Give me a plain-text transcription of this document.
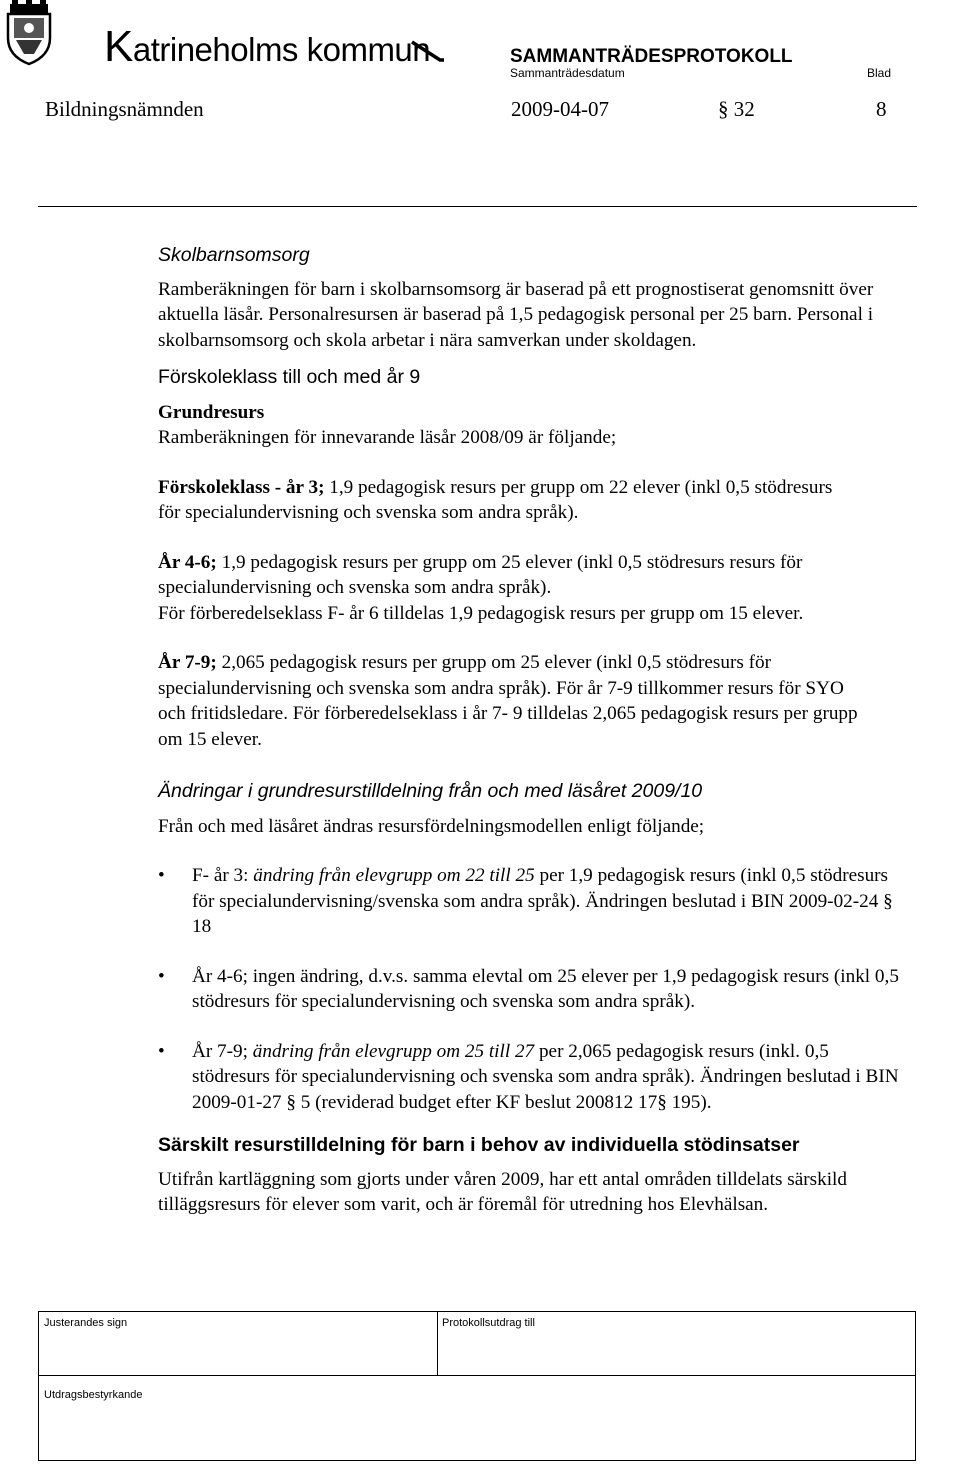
Katrineholms kommun	SAMMANTRÄDESPROTOKOLL
Sammanträdesdatum	Blad
Bildningsnämnden	2009-04-07	§ 32	8
Skolbarnsomsorg

Ramberäkningen för barn i skolbarnsomsorg är baserad på ett prognostiserat genomsnitt över aktuella läsår. Personalresursen är baserad på 1,5 pedagogisk personal per 25 barn. Personal i skolbarnsomsorg och skola arbetar i nära samverkan under skoldagen.

Förskoleklass till och med år 9
Grundresurs

Ramberäkningen för innevarande läsår 2008/09 är följande;

Förskoleklass - år 3; 1,9 pedagogisk resurs per grupp om 22 elever (inkl 0,5 stödresurs för specialundervisning och svenska som andra språk).

År 4-6; 1,9 pedagogisk resurs per grupp om 25 elever (inkl 0,5 stödresurs resurs för specialundervisning och svenska som andra språk).

För förberedelseklass F- år 6 tilldelas 1,9 pedagogisk resurs per grupp om 15 elever.

År 7-9; 2,065 pedagogisk resurs per grupp om 25 elever (inkl 0,5 stödresurs för specialundervisning och svenska som andra språk). För år 7-9 tillkommer resurs för SYO och fritidsledare. För förberedelseklass i år 7- 9 tilldelas 2,065 pedagogisk resurs per grupp om 15 elever.

Ändringar i grundresurstilldelning från och med läsåret 2009/10

Från och med läsåret ändras resursfördelningsmodellen enligt följande;

• F- år 3: ändring från elevgrupp om 22 till 25 per 1,9 pedagogisk resurs (inkl 0,5 stödresurs för specialundervisning/svenska som andra språk). Ändringen beslutad i BIN 2009-02-24 § 18
• År 4-6; ingen ändring, d.v.s. samma elevtal om 25 elever per 1,9 pedagogisk resurs (inkl 0,5 stödresurs för specialundervisning och svenska som andra språk).
• År 7-9; ändring från elevgrupp om 25 till 27 per 2,065 pedagogisk resurs (inkl. 0,5 stödresurs för specialundervisning och svenska som andra språk). Ändringen beslutad i BIN 2009-01-27 § 5 (reviderad budget efter KF beslut 200812 17§ 195).
Särskilt resurstilldelning för barn i behov av individuella stödinsatser

Utifrån kartläggning som gjorts under våren 2009, har ett antal områden tilldelats särskild tilläggsresurs för elever som varit, och är föremål för utredning hos Elevhälsan.

Justerandes sign	Protokollsutdrag till
Utdragsbestyrkande
